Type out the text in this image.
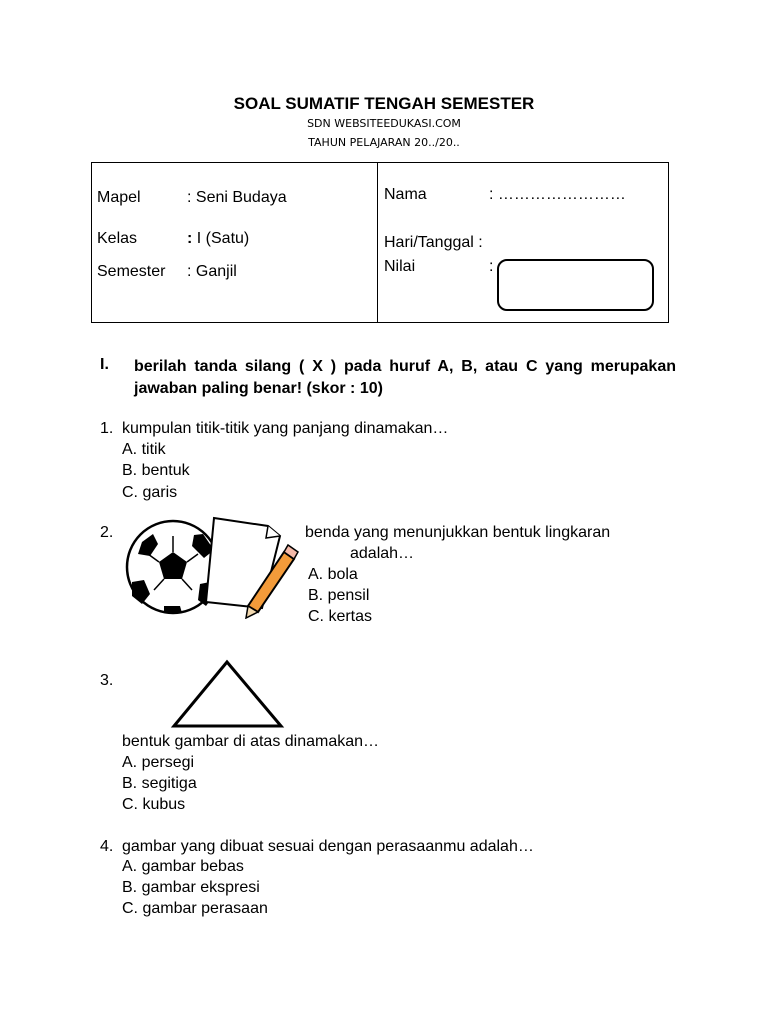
SOAL SUMATIF TENGAH SEMESTER
SDN WEBSITEEDUKASI.COM
TAHUN PELAJARAN 20../20..
Mapel	: Seni Budaya
Kelas	: I (Satu)
Semester : Ganjil
Nama	: ……………………
Hari/Tanggal :
Nilai	:
I. berilah tanda silang ( X ) pada huruf A, B, atau C yang merupakan jawaban paling benar! (skor : 10)
1. kumpulan titik-titik yang panjang dinamakan…
A. titik
B. bentuk
C. garis
2.	benda yang menunjukkan bentuk lingkaran
adalah…
A. bola
B. pensil
C. kertas
3.
bentuk gambar di atas dinamakan…
A. persegi
B. segitiga
C. kubus
4. gambar yang dibuat sesuai dengan perasaanmu adalah…
A. gambar bebas
B. gambar ekspresi
C. gambar perasaan
